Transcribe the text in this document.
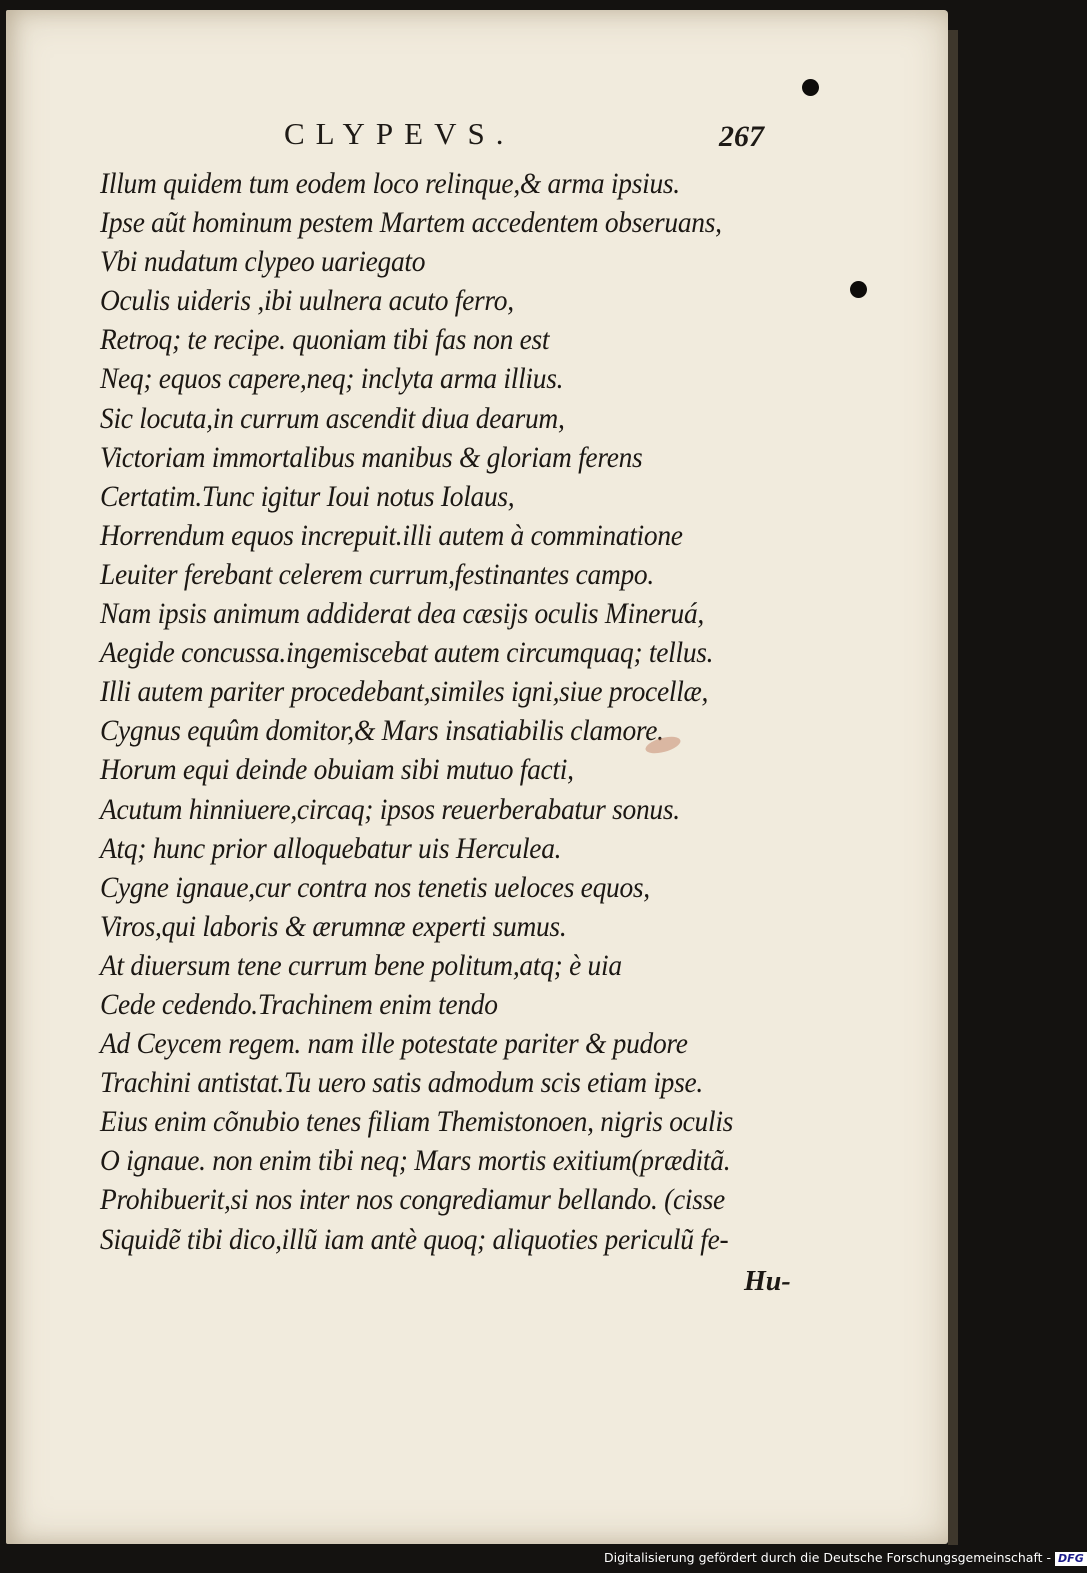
CLYPEVS.	267
Illum quidem tum eodem loco relinque,& arma ipsius.
Ipse aũt hominum pestem Martem accedentem obseruans,
Vbi nudatum clypeo uariegato
Oculis uideris ,ibi uulnera acuto ferro,
Retroq; te recipe. quoniam tibi fas non est
Neq; equos capere,neq; inclyta arma illius.
Sic locuta,in currum ascendit diua dearum,
Victoriam immortalibus manibus & gloriam ferens
Certatim.Tunc igitur Ioui notus Iolaus,
Horrendum equos increpuit.illi autem à comminatione
Leuiter ferebant celerem currum,festinantes campo.
Nam ipsis animum addiderat dea cæsijs oculis Mineruá,
Aegide concussa.ingemiscebat autem circumquaq; tellus.
Illi autem pariter procedebant,similes igni,siue procellæ,
Cygnus equûm domitor,& Mars insatiabilis clamore.
Horum equi deinde obuiam sibi mutuo facti,
Acutum hinniuere,circaq; ipsos reuerberabatur sonus.
Atq; hunc prior alloquebatur uis Herculea.
Cygne ignaue,cur contra nos tenetis ueloces equos,
Viros,qui laboris & ærumnæ experti sumus.
At diuersum tene currum bene politum,atq; è uia
Cede cedendo.Trachinem enim tendo
Ad Ceycem regem. nam ille potestate pariter & pudore
Trachini antistat.Tu uero satis admodum scis etiam ipse.
Eius enim cõnubio tenes filiam Themistonoen, nigris oculis
O ignaue. non enim tibi neq; Mars mortis exitium(præditã.
Prohibuerit,si nos inter nos congrediamur bellando. (cisse
Siquidẽ tibi dico,illũ iam antè quoq; aliquoties periculũ fe-
Hu-
Digitalisierung gefördert durch die Deutsche Forschungsgemeinschaft - DFG
